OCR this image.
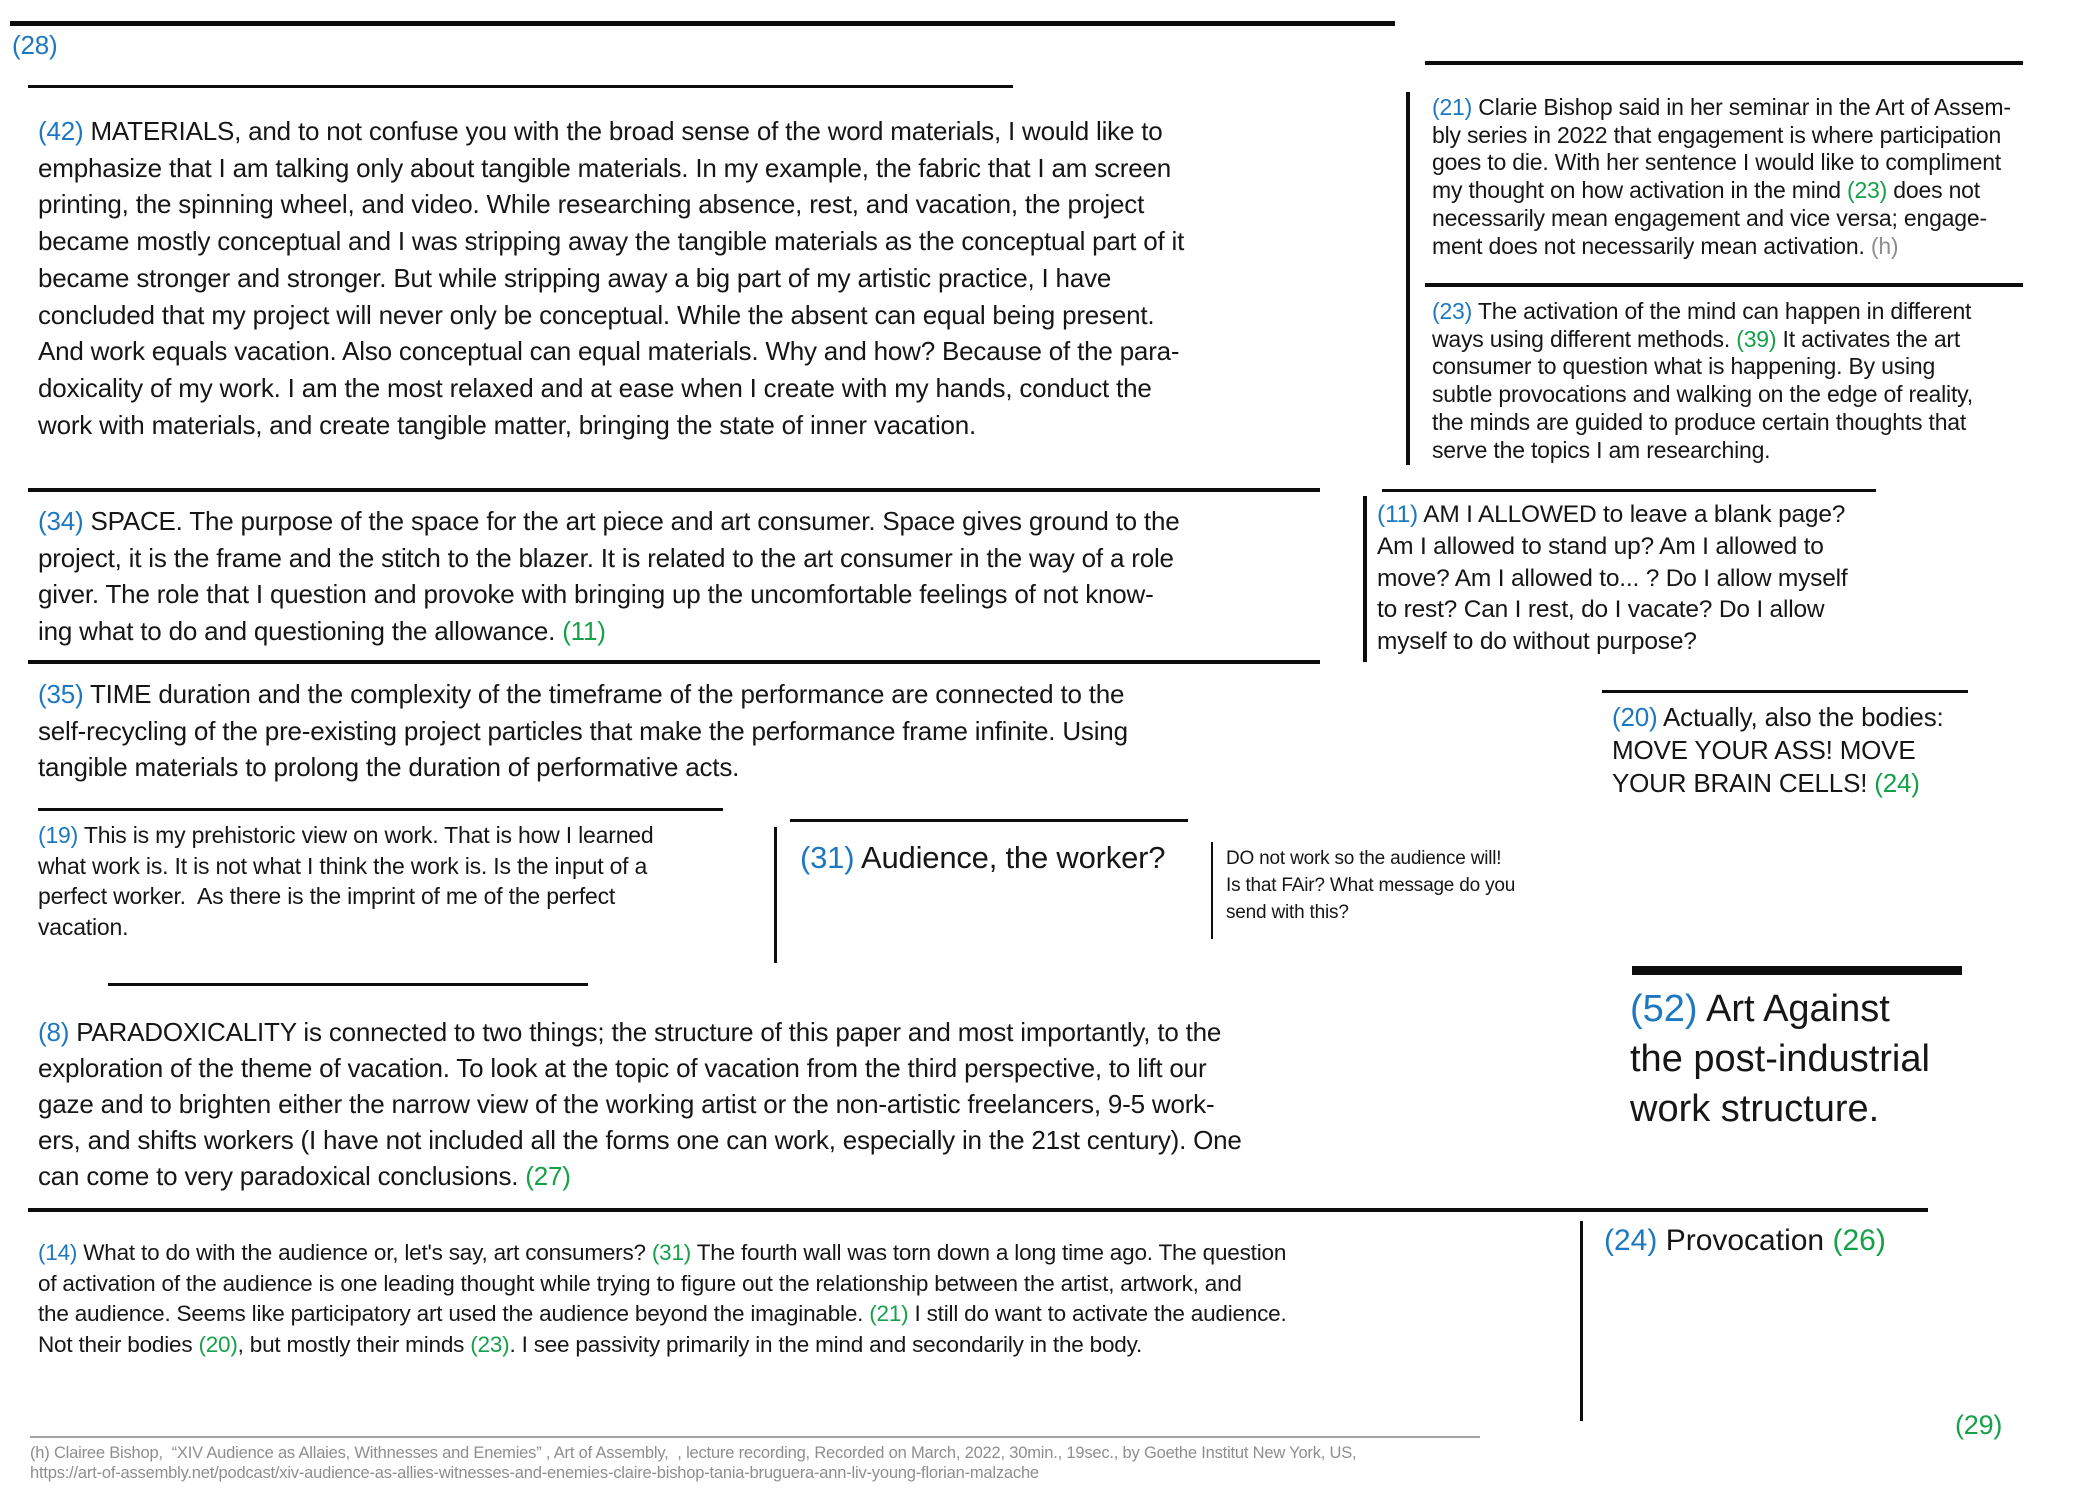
(28)
(29)
(42) MATERIALS, and to not confuse you with the broad sense of the word materials, I would like to
emphasize that I am talking only about tangible materials. In my example, the fabric that I am screen
printing, the spinning wheel, and video. While researching absence, rest, and vacation, the project
became mostly conceptual and I was stripping away the tangible materials as the conceptual part of it
became stronger and stronger. But while stripping away a big part of my artistic practice, I have
concluded that my project will never only be conceptual. While the absent can equal being present.
And work equals vacation. Also conceptual can equal materials. Why and how? Because of the para-
doxicality of my work. I am the most relaxed and at ease when I create with my hands, conduct the
work with materials, and create tangible matter, bringing the state of inner vacation.
(34) SPACE. The purpose of the space for the art piece and art consumer. Space gives ground to the
project, it is the frame and the stitch to the blazer. It is related to the art consumer in the way of a role
giver. The role that I question and provoke with bringing up the uncomfortable feelings of not know-
ing what to do and questioning the allowance. (11)
(35) TIME duration and the complexity of the timeframe of the performance are connected to the
self-recycling of the pre-existing project particles that make the performance frame infinite. Using
tangible materials to prolong the duration of performative acts.
(19) This is my prehistoric view on work. That is how I learned
what work is. It is not what I think the work is. Is the input of a
perfect worker.  As there is the imprint of me of the perfect
vacation.
(8) PARADOXICALITY is connected to two things; the structure of this paper and most importantly, to the
exploration of the theme of vacation. To look at the topic of vacation from the third perspective, to lift our
gaze and to brighten either the narrow view of the working artist or the non-artistic freelancers, 9-5 work-
ers, and shifts workers (I have not included all the forms one can work, especially in the 21st century). One
can come to very paradoxical conclusions. (27)
(14) What to do with the audience or, let's say, art consumers? (31) The fourth wall was torn down a long time ago. The question
of activation of the audience is one leading thought while trying to figure out the relationship between the artist, artwork, and
the audience. Seems like participatory art used the audience beyond the imaginable. (21) I still do want to activate the audience.
Not their bodies (20), but mostly their minds (23). I see passivity primarily in the mind and secondarily in the body.
(31) Audience, the worker?	DO not work so the audience will!
Is that FAir? What message do you
send with this?
(21) Clarie Bishop said in her seminar in the Art of Assem-
bly series in 2022 that engagement is where participation
goes to die. With her sentence I would like to compliment
my thought on how activation in the mind (23) does not
necessarily mean engagement and vice versa; engage-
ment does not necessarily mean activation. (h)
(23) The activation of the mind can happen in different
ways using different methods. (39) It activates the art
consumer to question what is happening. By using
subtle provocations and walking on the edge of reality,
the minds are guided to produce certain thoughts that
serve the topics I am researching.
(11) AM I ALLOWED to leave a blank page?
Am I allowed to stand up? Am I allowed to
move? Am I allowed to... ? Do I allow myself
to rest? Can I rest, do I vacate? Do I allow
myself to do without purpose?
(20) Actually, also the bodies:
MOVE YOUR ASS! MOVE
YOUR BRAIN CELLS! (24)
(52) Art Against
the post-industrial
work structure.
(24) Provocation (26)
(h) Clairee Bishop,  “XIV Audience as Allaies, Withnesses and Enemies” , Art of Assembly,  , lecture recording, Recorded on March, 2022, 30min., 19sec., by Goethe Institut New York, US,
https://art-of-assembly.net/podcast/xiv-audience-as-allies-witnesses-and-enemies-claire-bishop-tania-bruguera-ann-liv-young-florian-malzache
